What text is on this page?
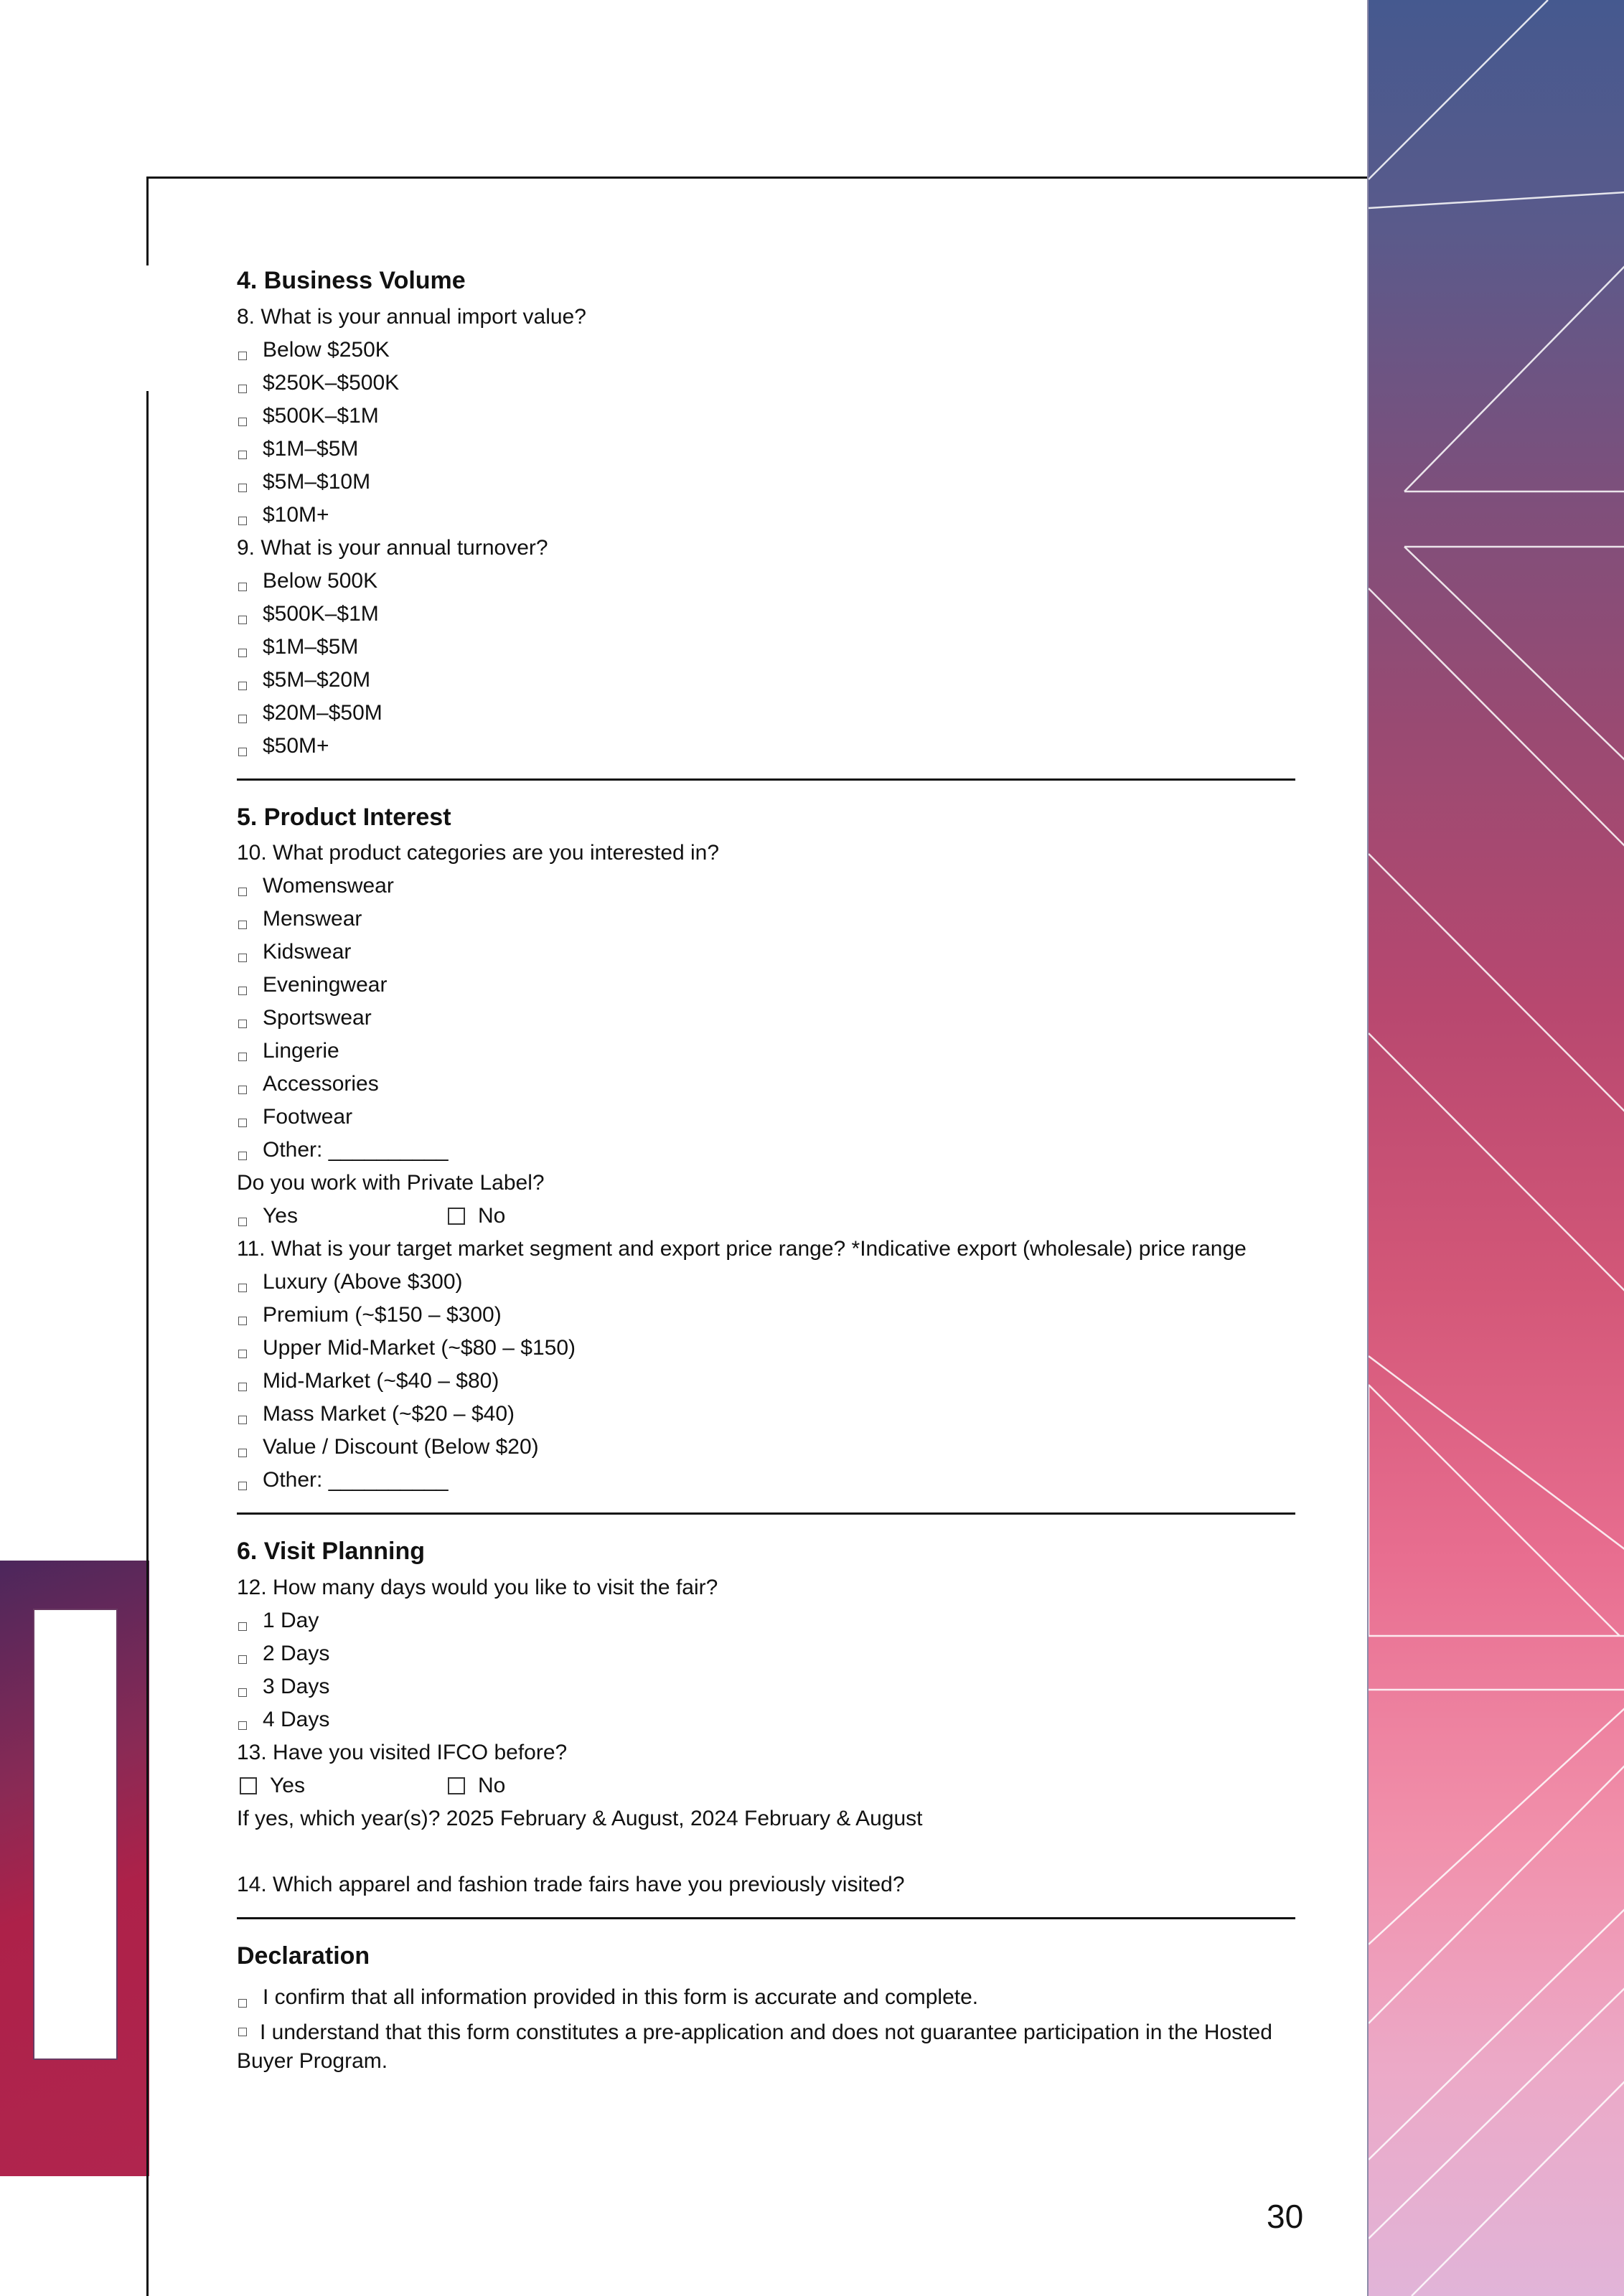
4. Business Volume

8. What is your annual import value?

Below $250K
$250K–$500K
$500K–$1M
$1M–$5M
$5M–$10M
$10M+

9. What is your annual turnover?

Below 500K
$500K–$1M
$1M–$5M
$5M–$20M
$20M–$50M
$50M+
5. Product Interest

10. What product categories are you interested in?

Womenswear
Menswear
Kidswear
Eveningwear
Sportswear
Lingerie
Accessories
Footwear
Other: __________

Do you work with Private Label?

Yes	No

11. What is your target market segment and export price range? *Indicative export (wholesale) price range

Luxury (Above $300)
Premium (~$150 – $300)
Upper Mid-Market (~$80 – $150)
Mid-Market (~$40 – $80)
Mass Market (~$20 – $40)
Value / Discount (Below $20)
Other: __________
6. Visit Planning

12. How many days would you like to visit the fair?

1 Day
2 Days
3 Days
4 Days

13. Have you visited IFCO before?

Yes	No

If yes, which year(s)? 2025 February & August, 2024 February & August

14. Which apparel and fashion trade fairs have you previously visited?

Declaration
I confirm that all information provided in this form is accurate and complete.
I understand that this form constitutes a pre-application and does not guarantee participation in the Hosted Buyer Program.
30
